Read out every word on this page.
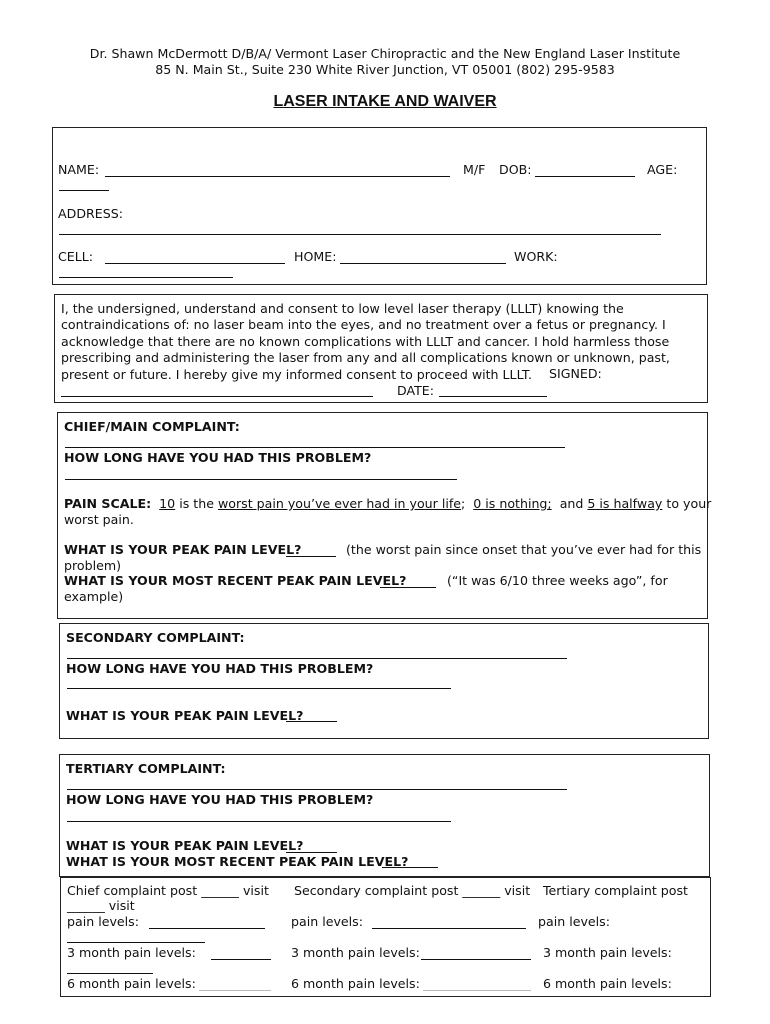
Dr. Shawn McDermott D/B/A/ Vermont Laser Chiropractic and the New England Laser Institute
85 N. Main St., Suite 230 White River Junction, VT 05001 (802) 295-9583
LASER INTAKE AND WAIVER
NAME:	M/F DOB:	AGE:
ADDRESS:
CELL:	HOME:	WORK:
I, the undersigned, understand and consent to low level laser therapy (LLLT) knowing the
contraindications of: no laser beam into the eyes, and no treatment over a fetus or pregnancy. I
acknowledge that there are no known complications with LLLT and cancer. I hold harmless those
prescribing and administering the laser from any and all complications known or unknown, past,
present or future. I hereby give my informed consent to proceed with LLLT.	SIGNED:
DATE:
CHIEF/MAIN COMPLAINT:
HOW LONG HAVE YOU HAD THIS PROBLEM?
PAIN SCALE: 10 is the worst pain you’ve ever had in your life;  0 is nothing; and 5 is halfway to your
worst pain.
WHAT IS YOUR PEAK PAIN LEVEL?	(the worst pain since onset that you’ve ever had for this
problem)
WHAT IS YOUR MOST RECENT PEAK PAIN LEVEL?	(“It was 6/10 three weeks ago”, for
example)
SECONDARY COMPLAINT:
HOW LONG HAVE YOU HAD THIS PROBLEM?
WHAT IS YOUR PEAK PAIN LEVEL?
TERTIARY COMPLAINT:
HOW LONG HAVE YOU HAD THIS PROBLEM?
WHAT IS YOUR PEAK PAIN LEVEL?
WHAT IS YOUR MOST RECENT PEAK PAIN LEVEL?
Chief complaint post ______ visit Secondary complaint post ______ visit Tertiary complaint post
______ visit
pain levels:	pain levels:	pain levels:
3 month pain levels:	3 month pain levels:	3 month pain levels:
6 month pain levels:	6 month pain levels:	6 month pain levels:
